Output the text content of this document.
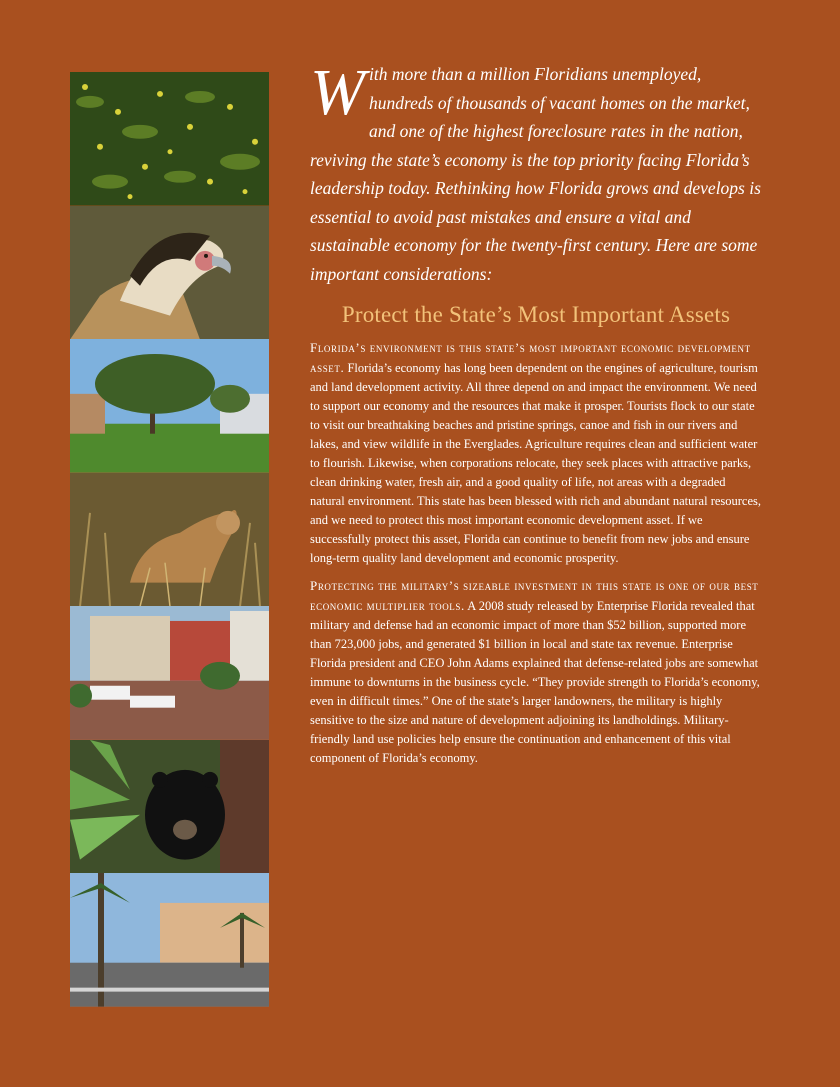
With more than a million Floridians unemployed, hundreds of thousands of vacant homes on the market, and one of the highest foreclosure rates in the nation, reviving the state’s economy is the top priority facing Florida’s leadership today. Rethinking how Florida grows and develops is essential to avoid past mistakes and ensure a vital and sustainable economy for the twenty-first century. Here are some important considerations:

Protect the State’s Most Important Assets

Florida’s environment is this state’s most important economic development asset. Florida’s economy has long been dependent on the engines of agriculture, tourism and land development activity. All three depend on and impact the environment. We need to support our economy and the resources that make it prosper. Tourists flock to our state to visit our breathtaking beaches and pristine springs, canoe and fish in our rivers and lakes, and view wildlife in the Everglades. Agriculture requires clean and sufficient water to flourish. Likewise, when corporations relocate, they seek places with attractive parks, clean drinking water, fresh air, and a good quality of life, not areas with a degraded natural environment. This state has been blessed with rich and abundant natural resources, and we need to protect this most important economic development asset. If we successfully protect this asset, Florida can continue to benefit from new jobs and ensure long-term quality land development and economic prosperity.

Protecting the military’s sizeable investment in this state is one of our best economic multiplier tools. A 2008 study released by Enterprise Florida revealed that military and defense had an economic impact of more than $52 billion, supported more than 723,000 jobs, and generated $1 billion in local and state tax revenue. Enterprise Florida president and CEO John Adams explained that defense-related jobs are somewhat immune to downturns in the business cycle. “They provide strength to Florida’s economy, even in difficult times.” One of the state’s larger landowners, the military is highly sensitive to the size and nature of development adjoining its landholdings. Military-friendly land use policies help ensure the continuation and enhancement of this vital component of Florida’s economy.
